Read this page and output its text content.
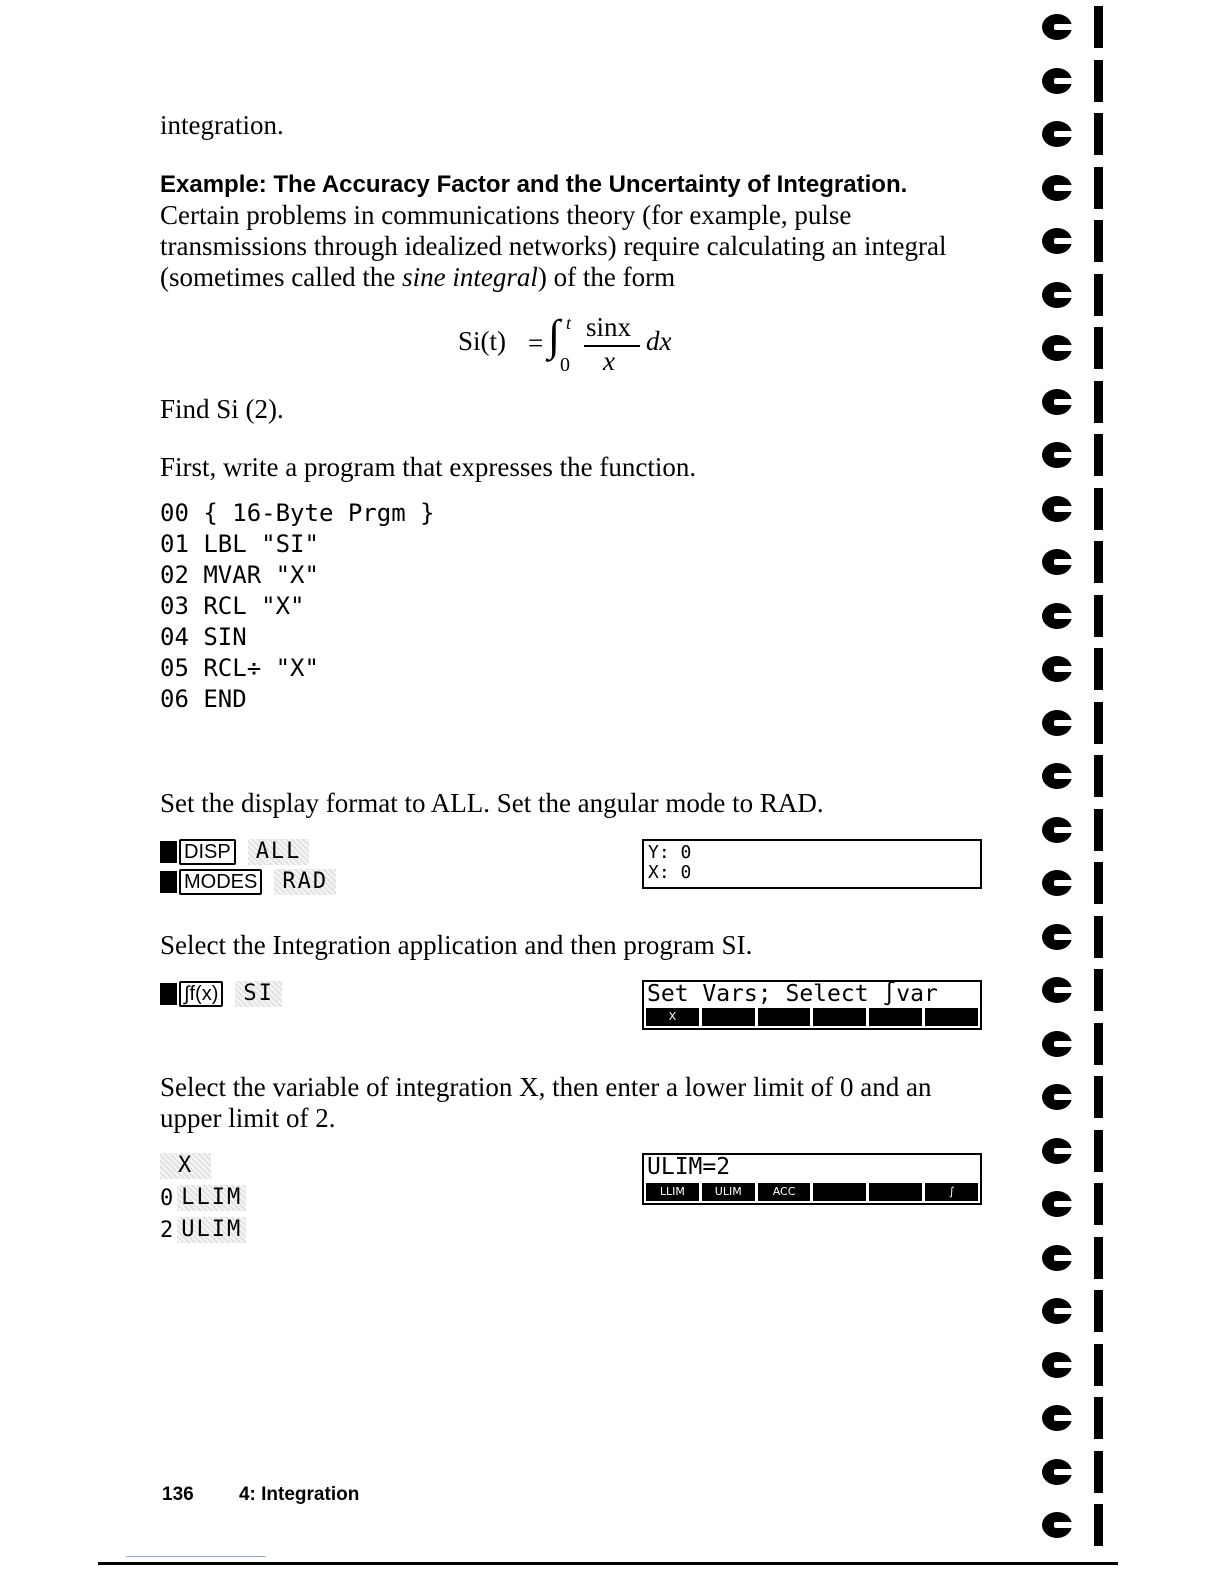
integration.
Example: The Accuracy Factor and the Uncertainty of Integration. Certain problems in communications theory (for example, pulse transmissions through idealized networks) require calculating an integral (sometimes called the sine integral) of the form
Si(t) = ∫ t
0
sinx
x
dx
Find Si (2).
First, write a program that expresses the function.
00 { 16-Byte Prgm }
01 LBL "SI"
02 MVAR "X"
03 RCL "X"
04 SIN
05 RCL÷ "X"
06 END
Set the display format to ALL. Set the angular mode to RAD.
DISP	ALL
MODES	RAD
Y: 0
X: 0
Select the Integration application and then program SI.
∫f(x)	SI	Set Vars; Select ∫var
X
Select the variable of integration X, then enter a lower limit of 0 and an upper limit of 2.
X
0 LLIM
2 ULIM
ULIM=2
LLIM	ULIM	ACC	∫
136 4: Integration
